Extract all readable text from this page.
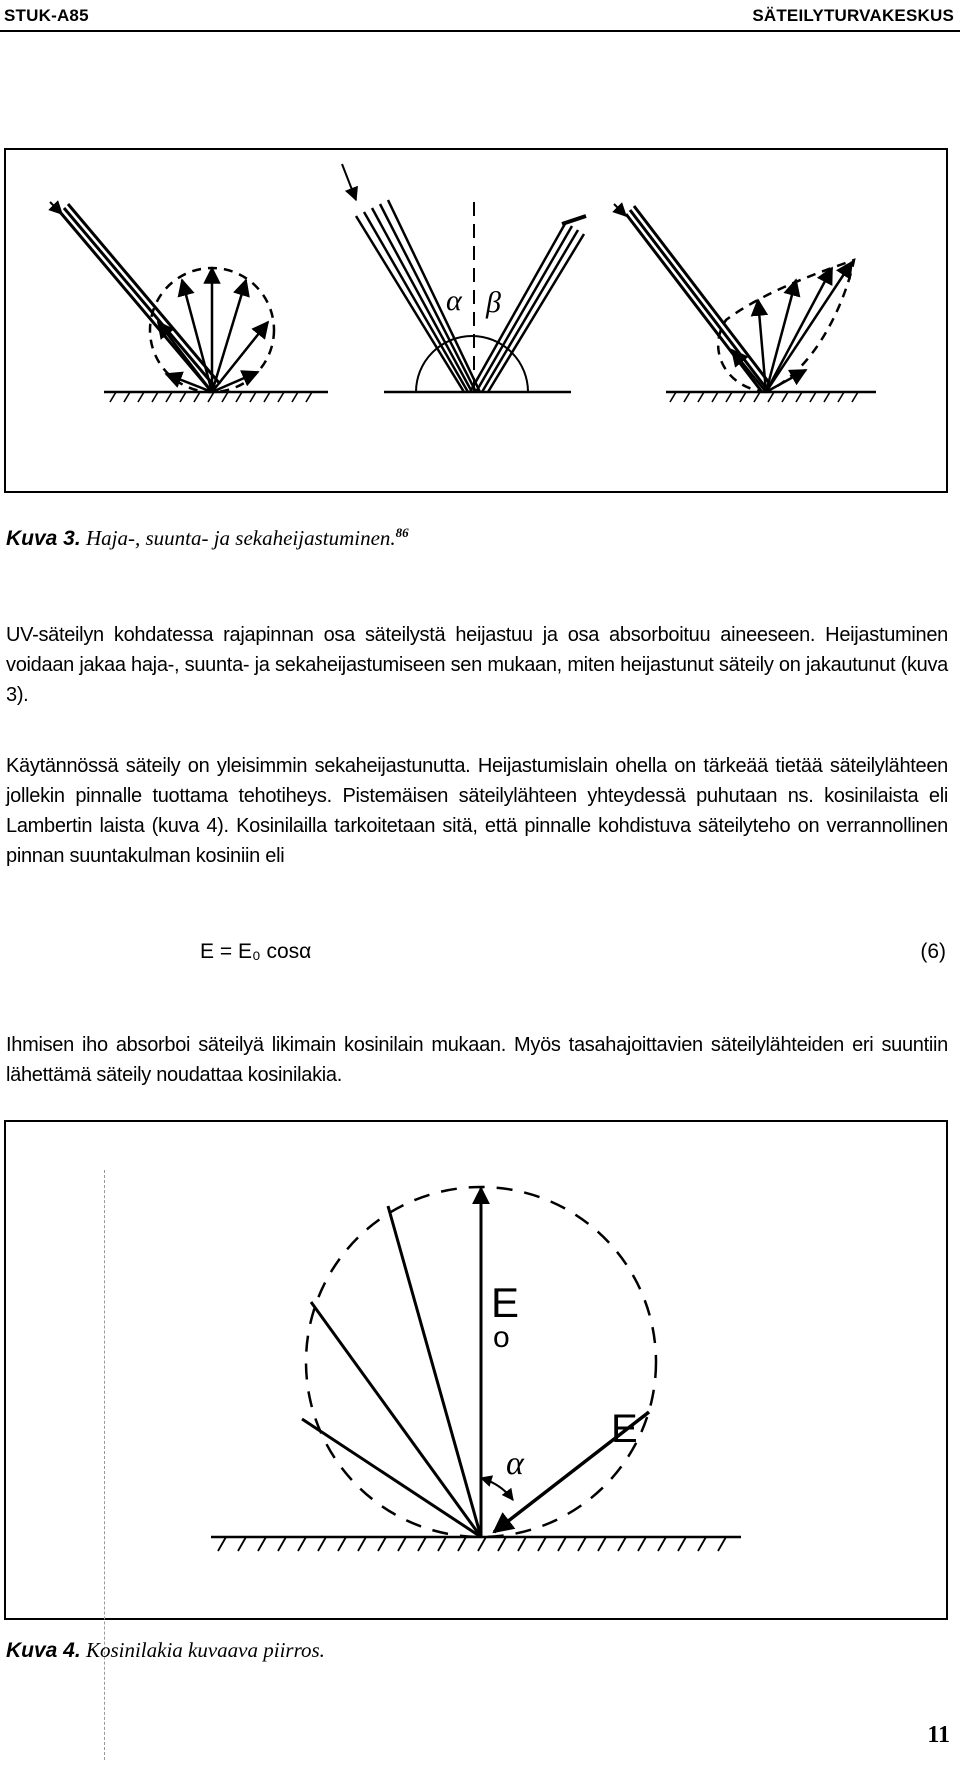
STUK-A85	SÄTEILYTURVAKESKUS
α β
Kuva 3. Haja-, suunta- ja sekaheijastuminen.$^{86}$

UV-säteilyn kohdatessa rajapinnan osa säteilystä heijastuu ja osa absorboituu aineeseen. Heijastuminen voidaan jakaa haja-, suunta- ja sekaheijastumiseen sen mukaan, miten heijastunut säteily on jakautunut (kuva 3).

Käytännössä säteily on yleisimmin sekaheijastunutta. Heijastumislain ohella on tärkeää tietää säteilylähteen jollekin pinnalle tuottama tehotiheys. Pistemäisen säteilylähteen yhteydessä puhutaan ns. kosinilaista eli Lambertin laista (kuva 4). Kosinilailla tarkoitetaan sitä, että pinnalle kohdistuva säteilyteho on verrannollinen pinnan suuntakulman kosiniin eli

E = E₀ cosα	(6)

Ihmisen iho absorboi säteilyä likimain kosinilain mukaan. Myös tasahajoittavien säteilylähteiden eri suuntiin lähettämä säteily noudattaa kosinilakia.

E
o
E
α
Kuva 4. Kosinilakia kuvaava piirros.
11
